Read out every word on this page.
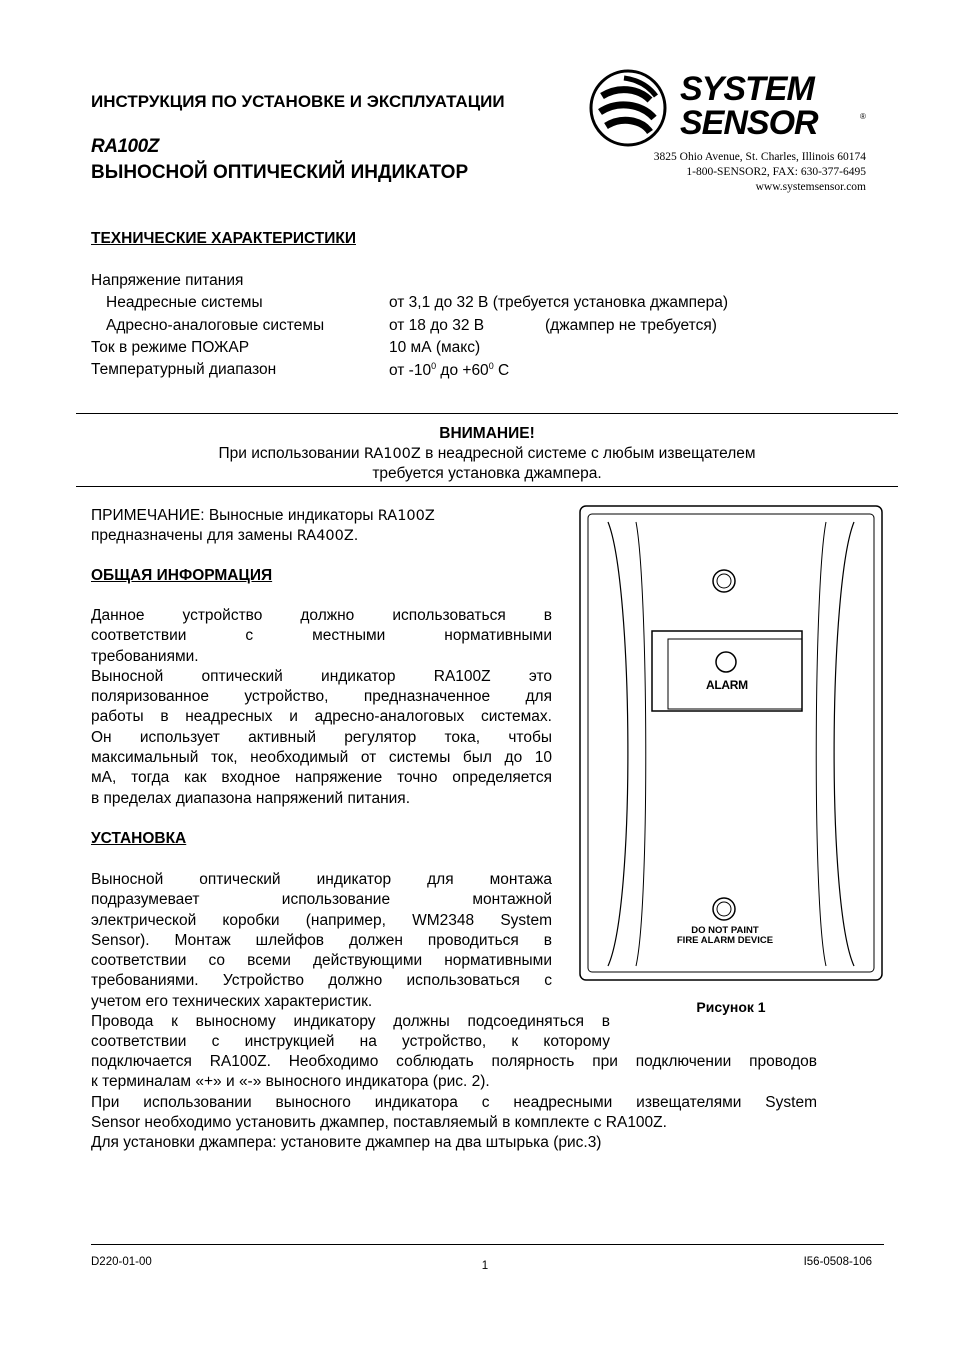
ИНСТРУКЦИЯ ПО УСТАНОВКЕ И ЭКСПЛУАТАЦИИ
RA100Z
ВЫНОСНОЙ ОПТИЧЕСКИЙ ИНДИКАТОР
SYSTEM
SENSOR	®
3825 Ohio Avenue, St. Charles, Illinois 60174
1-800-SENSOR2, FAX: 630-377-6495
www.systemsensor.com
ТЕХНИЧЕСКИЕ ХАРАКТЕРИСТИКИ
Напряжение питания
Неадресные системы	от 3,1 до 32 В (требуется установка джампера)
Адресно-аналоговые системы	от 18 до 32 В	(джампер не требуется)
Ток в режиме ПОЖАР	10 мА (макс)
Температурный диапазон	от $-10^0$ до $+60^0$ С
ВНИМАНИЕ!
При использовании RA100Z в неадресной системе с любым извещателем
требуется установка джампера.
ПРИМЕЧАНИЕ: Выносные индикаторы RA100Z
предназначены для замены RA400Z.
ОБЩАЯ ИНФОРМАЦИЯ
Данное устройство должно использоваться в
соответствии с местными нормативными
требованиями.
Выносной оптический индикатор RA100Z это
поляризованное устройство, предназначенное для
работы в неадресных и адресно-аналоговых системах.
Он использует активный регулятор тока, чтобы
максимальный ток, необходимый от системы был до 10
мА, тогда как входное напряжение точно определяется
в пределах диапазона напряжений питания.
УСТАНОВКА
Выносной оптический индикатор для монтажа
подразумевает использование монтажной
электрической коробки (например, WM2348 System
Sensor). Монтаж шлейфов должен проводиться в
соответствии со всеми действующими нормативными
требованиями. Устройство должно использоваться с
учетом его технических характеристик.
Провода к выносному индикатору должны подсоединяться в
соответствии с инструкцией на устройство, к которому
подключается RA100Z. Необходимо соблюдать полярность при подключении проводов
к терминалам «+» и «-» выносного индикатора (рис. 2).
При использовании выносного индикатора с неадресными извещателями System
Sensor необходимо установить джампер, поставляемый в комплекте с RA100Z.
Для установки джампера: установите джампер на два штырька (рис.3)
ALARM
DO NOT PAINT
FIRE ALARM DEVICE
Рисунок 1
D220-01-00	1	I56-0508-106
